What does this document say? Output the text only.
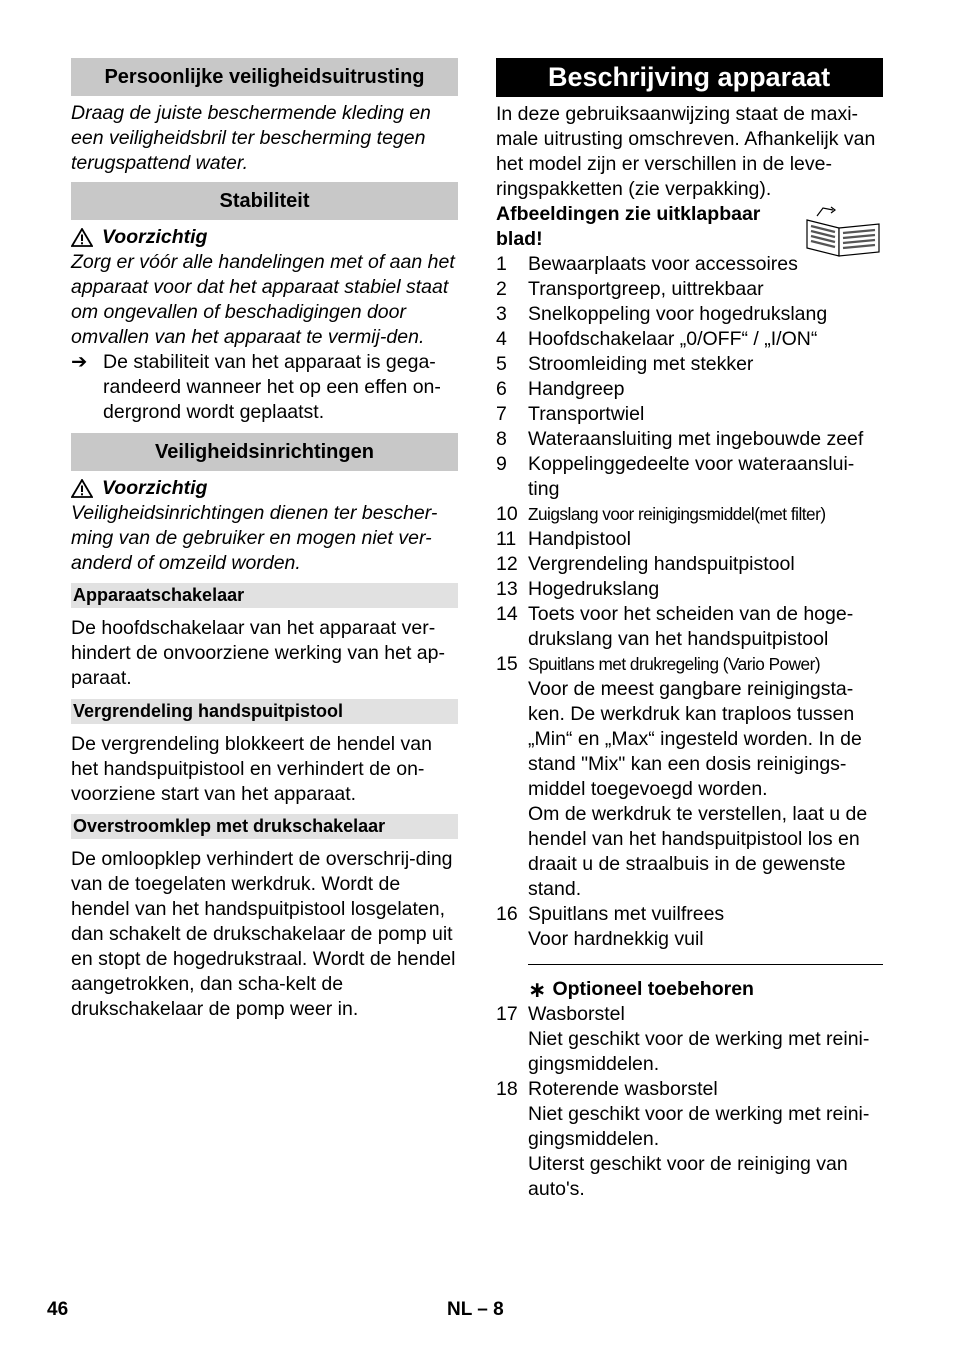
Persoonlijke veiligheidsuitrusting

Draag de juiste beschermende kleding en een veiligheidsbril ter bescherming tegen terugspattend water.

Stabiliteit
Voorzichtig

Zorg er vóór alle handelingen met of aan het apparaat voor dat het apparaat stabiel staat om ongevallen of beschadigingen door omvallen van het apparaat te vermij-den.

➔ De stabiliteit van het apparaat is gega-randeerd wanneer het op een effen on-dergrond wordt geplaatst.
Veiligheidsinrichtingen
Voorzichtig

Veiligheidsinrichtingen dienen ter bescher-ming van de gebruiker en mogen niet ver-anderd of omzeild worden.

Apparaatschakelaar

De hoofdschakelaar van het apparaat ver-hindert de onvoorziene werking van het ap-paraat.

Vergrendeling handspuitpistool

De vergrendeling blokkeert de hendel van het handspuitpistool en verhindert de on-voorziene start van het apparaat.

Overstroomklep met drukschakelaar

De omloopklep verhindert de overschrij-ding van de toegelaten werkdruk. Wordt de hendel van het handspuitpistool losgelaten, dan schakelt de drukschakelaar de pomp uit en stopt de hogedrukstraal. Wordt de hendel aangetrokken, dan scha-kelt de drukschakelaar de pomp weer in.

Beschrijving apparaat

In deze gebruiksaanwijzing staat de maxi-male uitrusting omschreven. Afhankelijk van het model zijn er verschillen in de leve-ringspakketten (zie verpakking).

Afbeeldingen zie uitklapbaar blad!

1	Bewaarplaats voor accessoires
2	Transportgreep, uittrekbaar
3	Snelkoppeling voor hogedrukslang
4	Hoofdschakelaar „0/OFF“ / „I/ON“
5	Stroomleiding met stekker
6	Handgreep
7	Transportwiel
8	Wateraansluiting met ingebouwde zeef
9	Koppelinggedeelte voor wateraanslui-ting
10 Zuigslang voor reinigingsmiddel(met filter)
11 Handpistool
12 Vergrendeling handspuitpistool
13 Hogedrukslang
14 Toets voor het scheiden van de hoge-drukslang van het handspuitpistool
15 Spuitlans met drukregeling (Vario Power)
Voor de meest gangbare reinigingsta-ken. De werkdruk kan traploos tussen „Min“ en „Max“ ingesteld worden. In de stand "Mix" kan een dosis reinigings-middel toegevoegd worden.
Om de werkdruk te verstellen, laat u de hendel van het handspuitpistool los en draait u de straalbuis in de gewenste stand.
16 Spuitlans met vuilfrees
Voor hardnekkig vuil
∗ Optioneel toebehoren
17 Wasborstel
Niet geschikt voor de werking met reini-gingsmiddelen.
18 Roterende wasborstel
Niet geschikt voor de werking met reini-gingsmiddelen.
Uiterst geschikt voor de reiniging van auto's.
46	NL – 8
